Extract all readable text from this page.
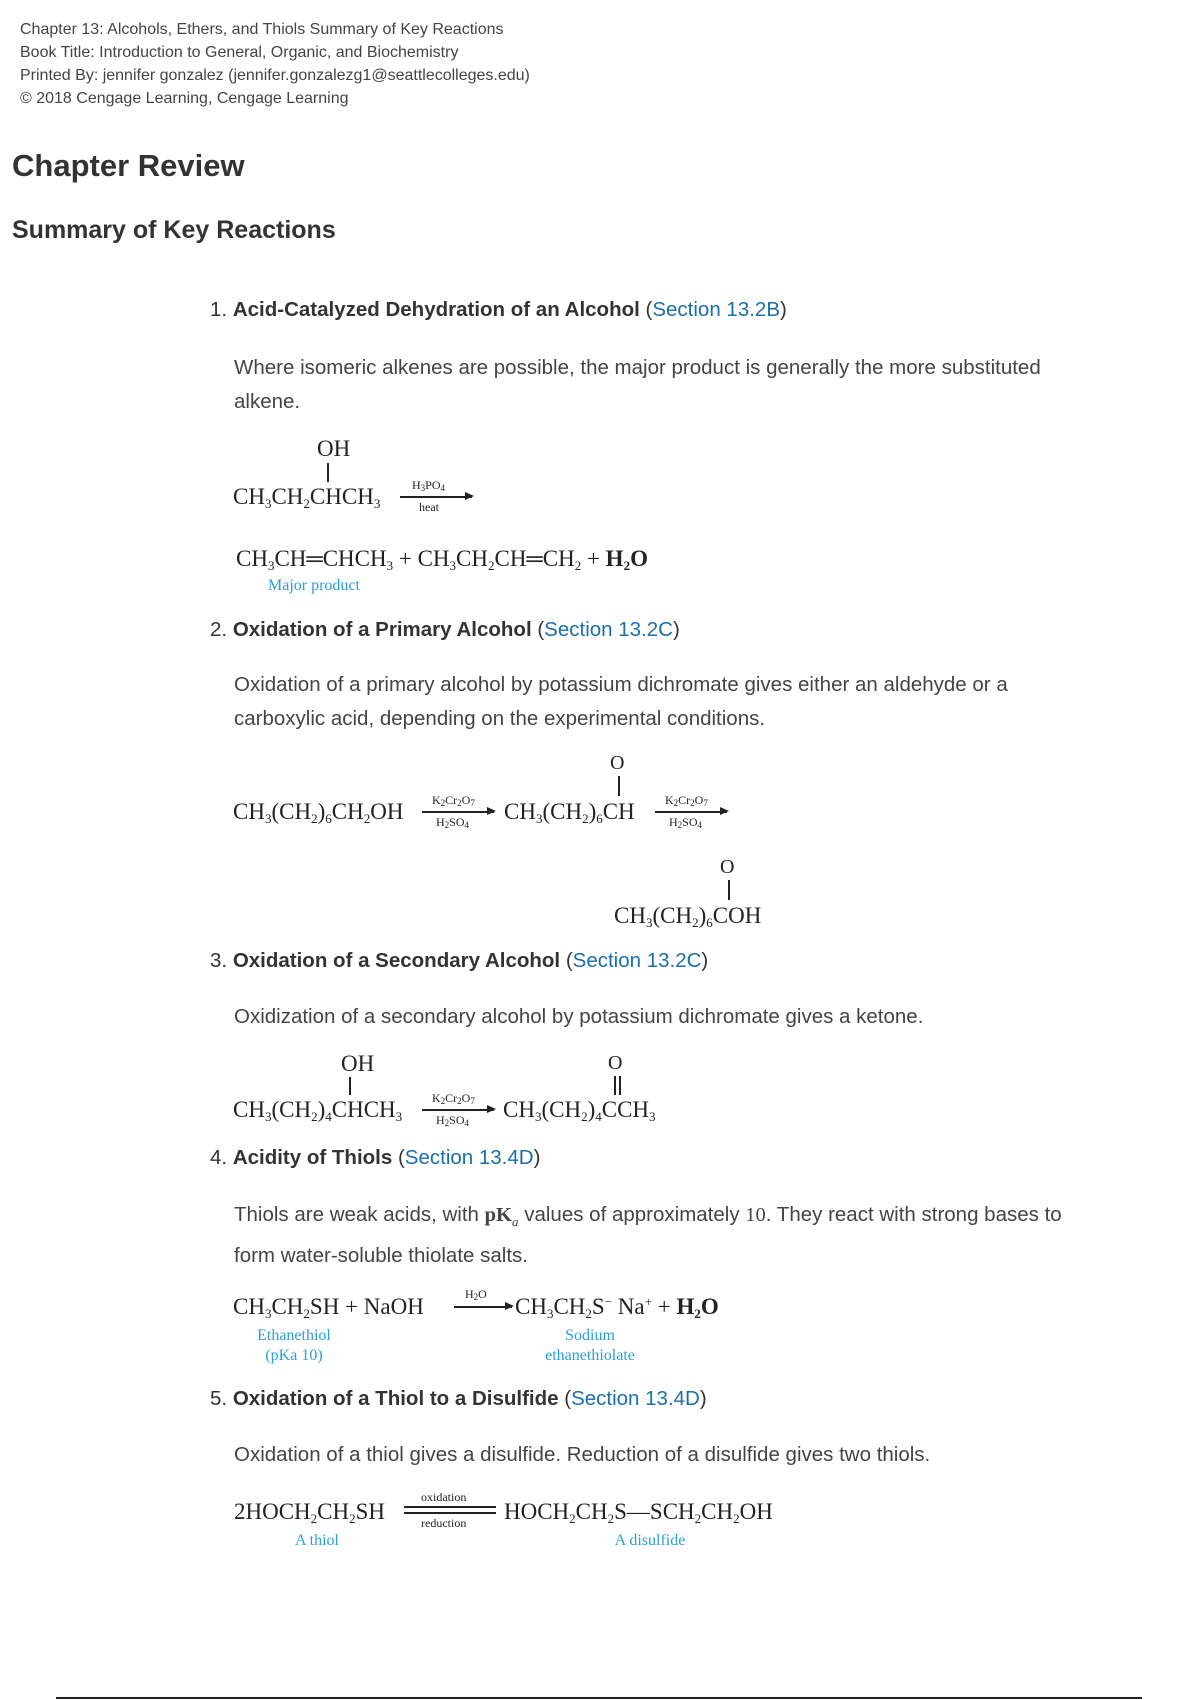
Chapter 13: Alcohols, Ethers, and Thiols Summary of Key Reactions
Book Title: Introduction to General, Organic, and Biochemistry
Printed By: jennifer gonzalez (jennifer.gonzalezg1@seattlecolleges.edu)
© 2018 Cengage Learning, Cengage Learning
Chapter Review
Summary of Key Reactions
1. Acid-Catalyzed Dehydration of an Alcohol (Section 13.2B)
Where isomeric alkenes are possible, the major product is generally the more substituted alkene.
OH
$CH_3CH_2CHCH_3$
$H_3PO_4$
heat
$CH_3CH═CHCH_3$ + $CH_3CH_2CH═CH_2 + H_2O$
Major product
2. Oxidation of a Primary Alcohol (Section 13.2C)
Oxidation of a primary alcohol by potassium dichromate gives either an aldehyde or a carboxylic acid, depending on the experimental conditions.
$CH_3(CH_2)_6CH_2OH$ $K_2Cr_2O_7$
$H_2SO_4$
O
$CH_3(CH_2)_6CH$	$K_2Cr_2O_7$
$H_2SO_4$
O
$CH_3(CH_2)_6COH$
3. Oxidation of a Secondary Alcohol (Section 13.2C)
Oxidization of a secondary alcohol by potassium dichromate gives a ketone.
OH
$CH_3(CH_2)_4CHCH_3$
$K_2Cr_2O_7$
$H_2SO_4$
O
$CH_3(CH_2)_4CCH_3$
4. Acidity of Thiols (Section 13.4D)
Thiols are weak acids, with $pK_a$ values of approximately 10. They react with strong bases to form water-soluble thiolate salts.
$CH_3CH_2SH$ + NaOH	$H_2O \to CH_3CH_2S^-$ $Na^+ + H_2O$
Ethanethiol
(pKa 10)
Sodium
ethanethiolate
5. Oxidation of a Thiol to a Disulfide (Section 13.4D)
Oxidation of a thiol gives a disulfide. Reduction of a disulfide gives two thiols.
$2HOCH_2CH_2SH$
oxidation
reduction $HOCH_2CH_2S—SCH_2CH_2OH$
A thiol	A disulfide
